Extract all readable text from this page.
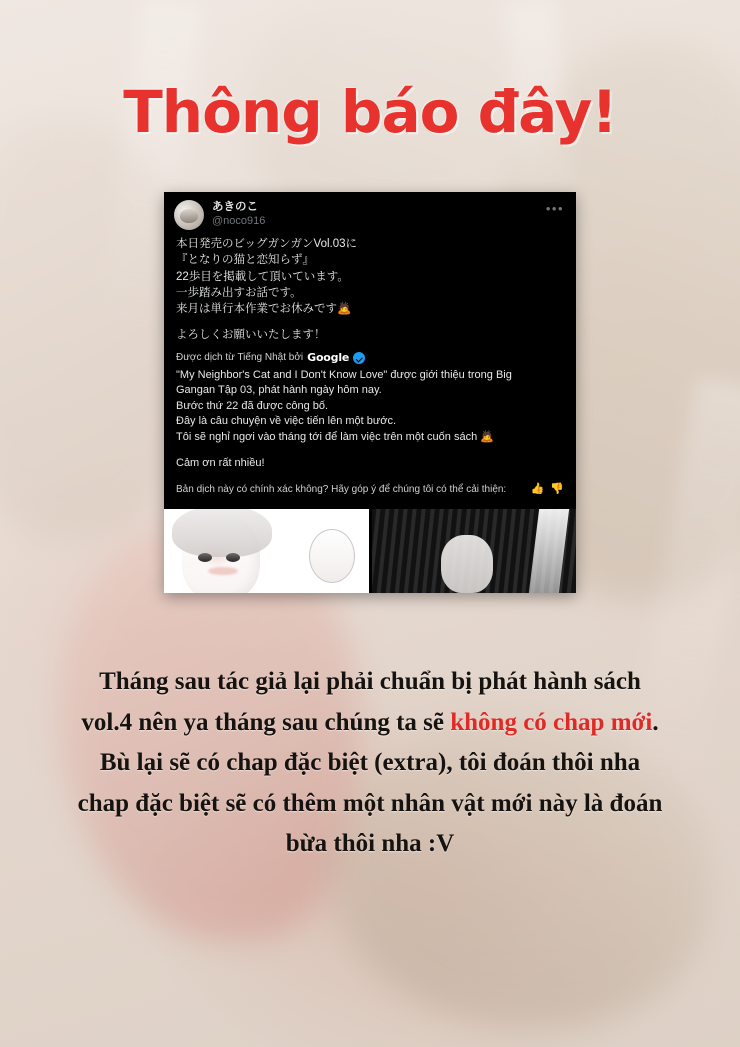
Thông báo đây!
あきのこ
@noco916
•••
本日発売のビッグガンガンVol.03に
『となりの猫と恋知らず』
22歩目を掲載して頂いています。
一歩踏み出すお話です。
来月は単行本作業でお休みです🙇
よろしくお願いいたします！
Được dịch từ Tiếng Nhật bởi Google
"My Neighbor's Cat and I Don't Know Love" được giới thiệu trong Big
Gangan Tập 03, phát hành ngày hôm nay.
Bước thứ 22 đã được công bố.
Đây là câu chuyện về việc tiến lên một bước.
Tôi sẽ nghỉ ngơi vào tháng tới để làm việc trên một cuốn sách 🙇
Cảm ơn rất nhiều!
Bản dịch này có chính xác không? Hãy góp ý để chúng tôi có thể cải thiện:	👍 👎
Tháng sau tác giả lại phải chuẩn bị phát hành sách vol.4 nên ya tháng sau chúng ta sẽ không có chap mới. Bù lại sẽ có chap đặc biệt (extra), tôi đoán thôi nha chap đặc biệt sẽ có thêm một nhân vật mới này là đoán bừa thôi nha :V
